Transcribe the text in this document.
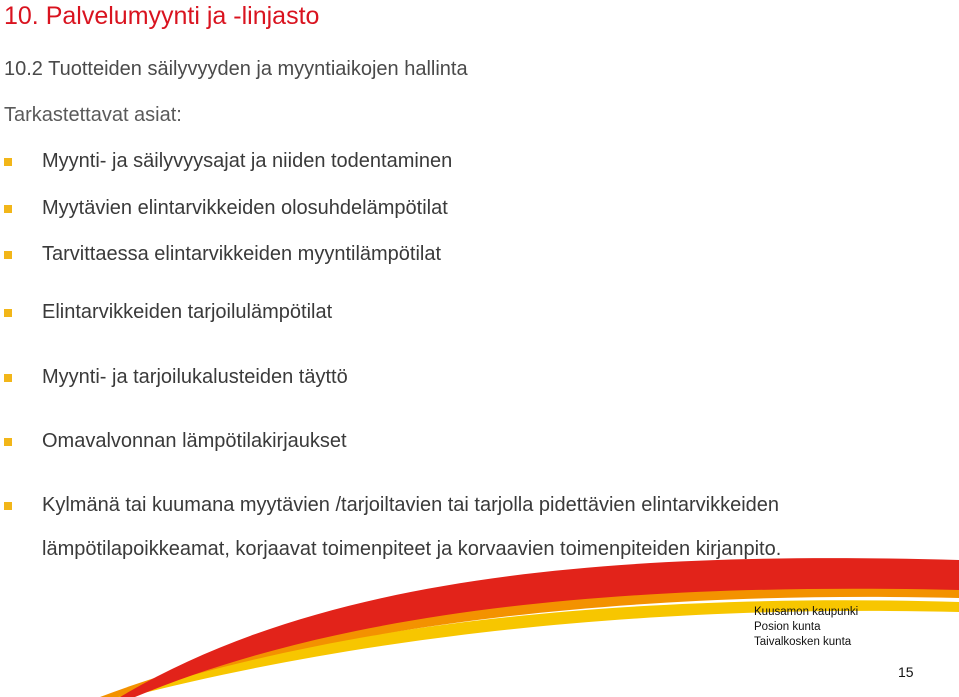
10. Palvelumyynti ja -linjasto
10.2 Tuotteiden säilyvyyden ja myyntiaikojen hallinta
Tarkastettavat asiat:
Myynti- ja säilyvyysajat ja niiden todentaminen
Myytävien elintarvikkeiden olosuhdelämpötilat
Tarvittaessa elintarvikkeiden myyntilämpötilat
Elintarvikkeiden tarjoilulämpötilat
Myynti- ja tarjoilukalusteiden täyttö
Omavalvonnan lämpötilakirjaukset
Kylmänä tai kuumana myytävien /tarjoiltavien tai tarjolla pidettävien elintarvikkeiden
lämpötilapoikkeamat, korjaavat toimenpiteet ja korvaavien toimenpiteiden kirjanpito.
Kuusamon kaupunki
Posion kunta
Taivalkosken kunta
15
